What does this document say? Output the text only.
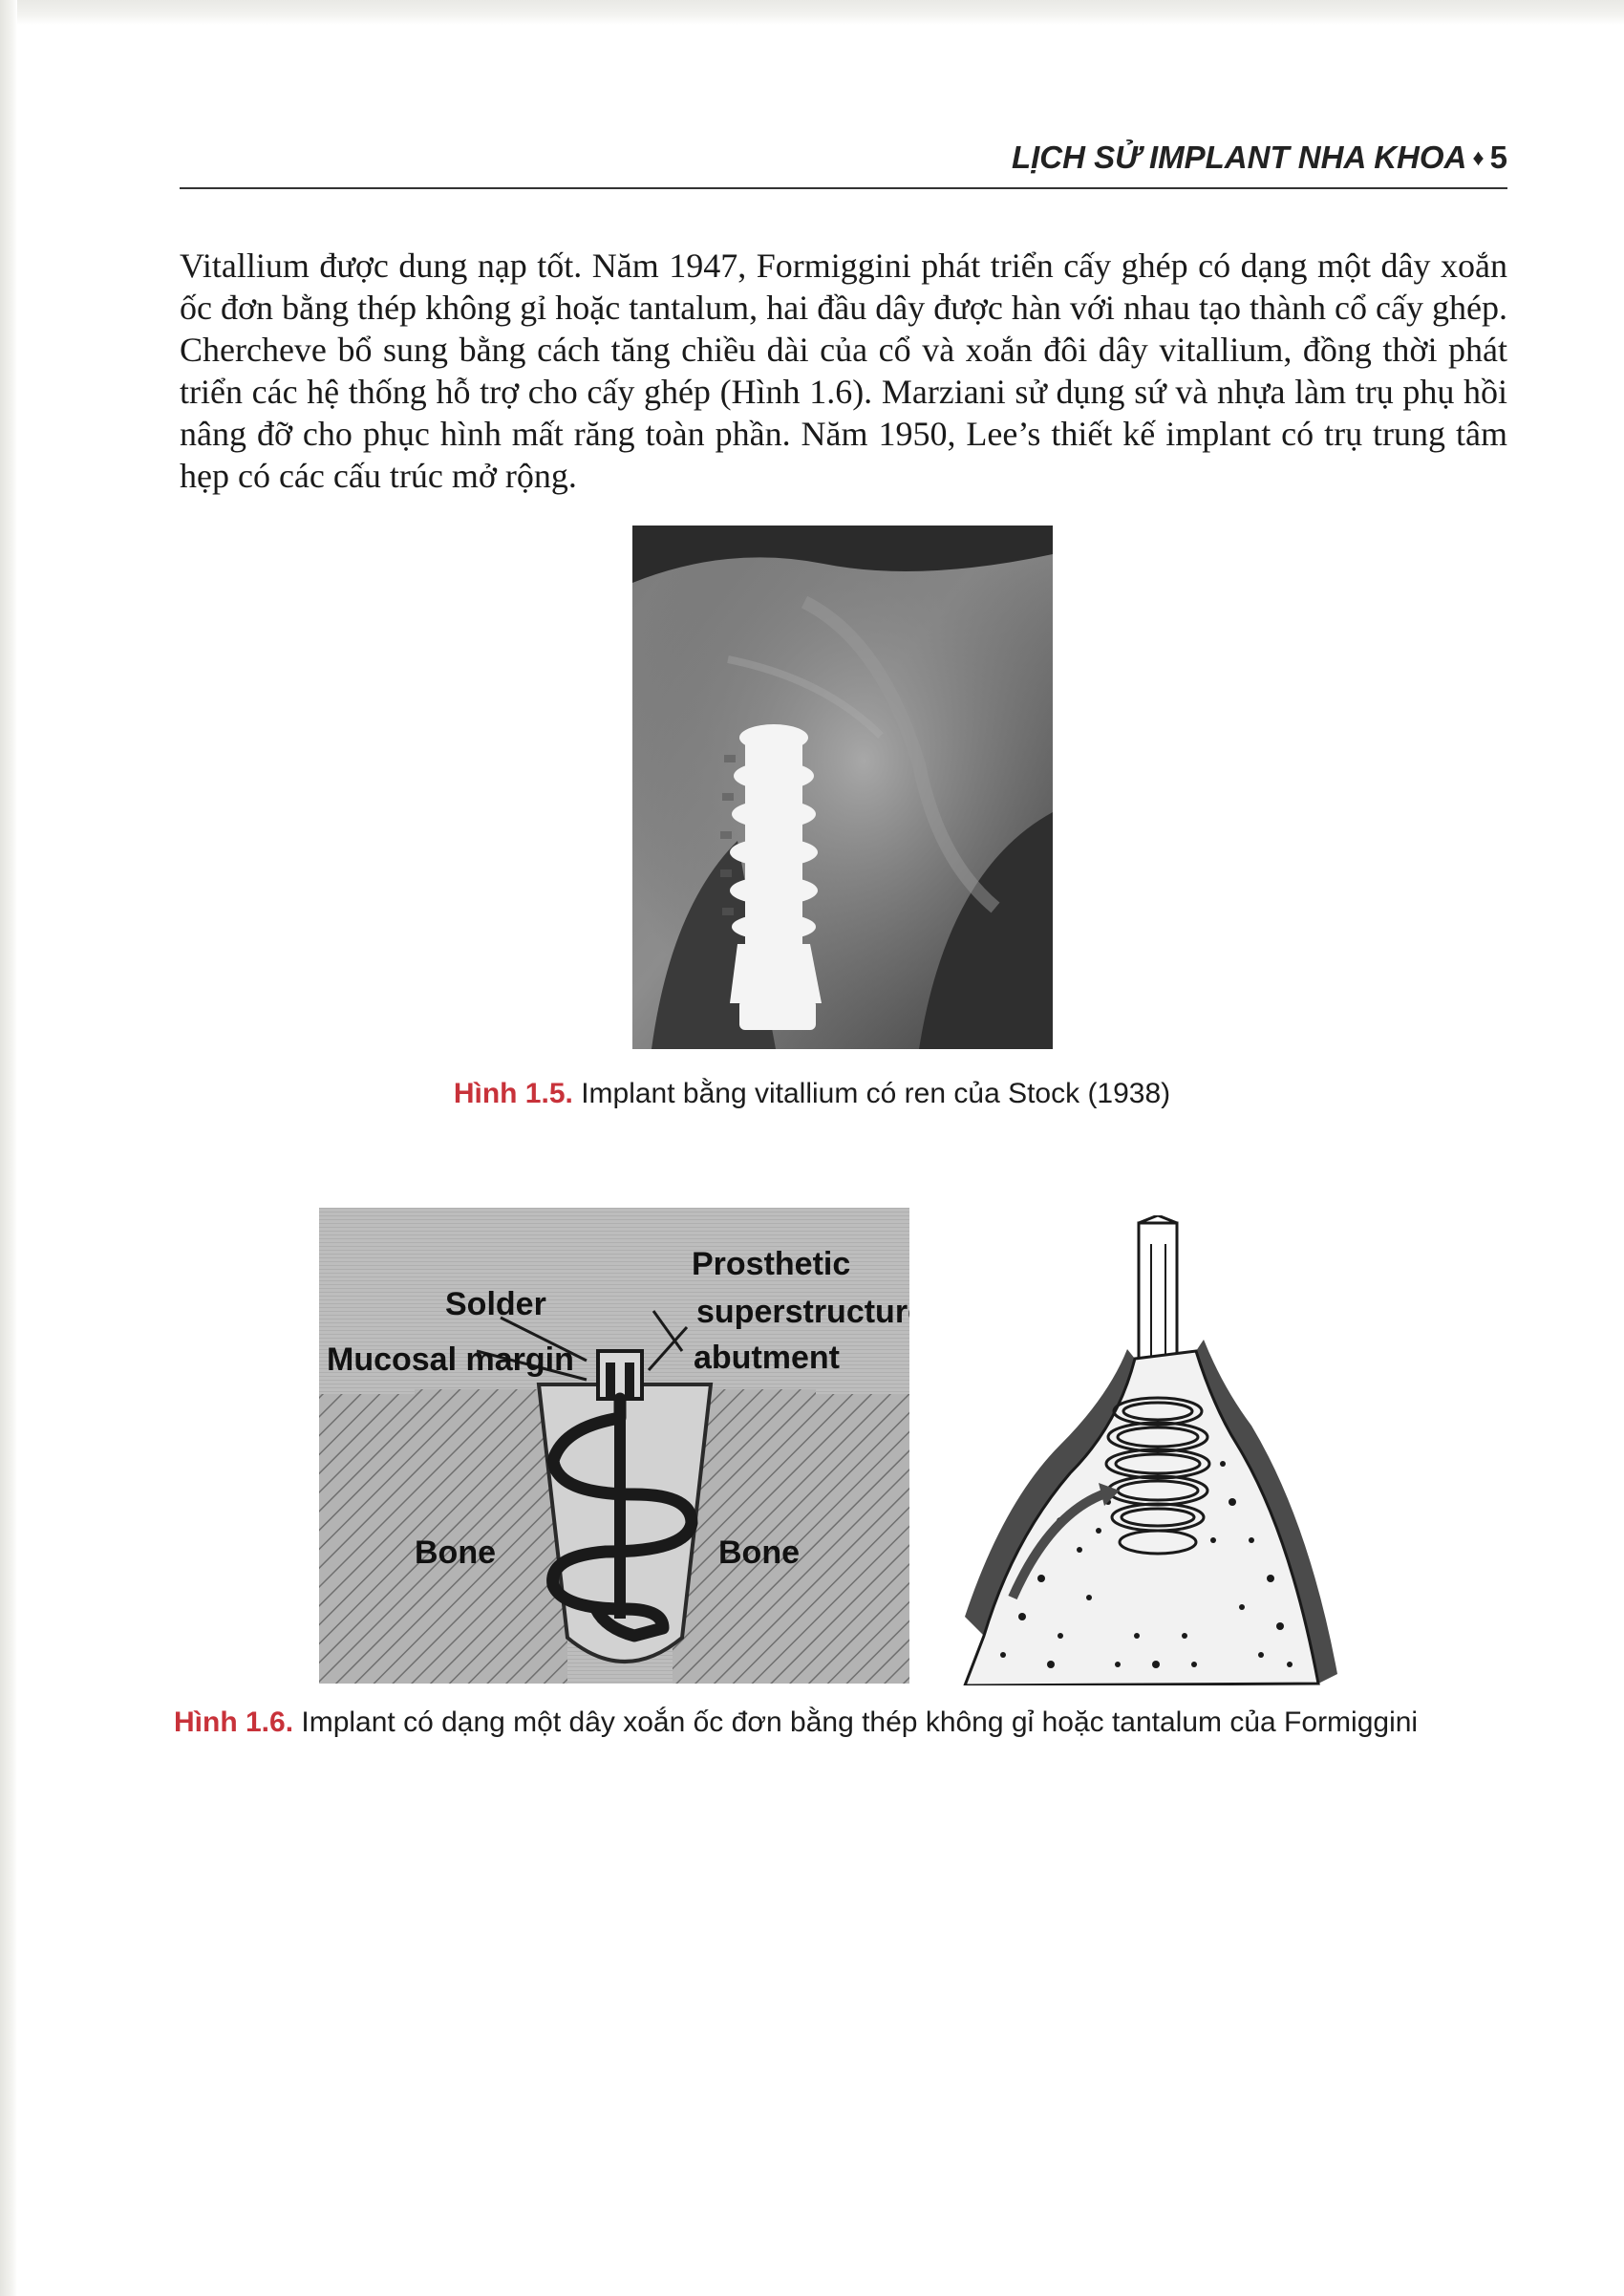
LỊCH SỬ IMPLANT NHA KHOA ♦ 5

Vitallium được dung nạp tốt. Năm 1947, Formiggini phát triển cấy ghép có dạng một dây xoắn ốc đơn bằng thép không gỉ hoặc tantalum, hai đầu dây được hàn với nhau tạo thành cổ cấy ghép. Chercheve bổ sung bằng cách tăng chiều dài của cổ và xoắn đôi dây vitallium, đồng thời phát triển các hệ thống hỗ trợ cho cấy ghép (Hình 1.6). Marziani sử dụng sứ và nhựa làm trụ phụ hồi nâng đỡ cho phục hình mất răng toàn phần. Năm 1950, Lee’s thiết kế implant có trụ trung tâm hẹp có các cấu trúc mở rộng.

Hình 1.5. Implant bằng vitallium có ren của Stock (1938)
Solder
Mucosal margin
Prosthetic
superstructure
abutment
Bone	Bone
Hình 1.6. Implant có dạng một dây xoắn ốc đơn bằng thép không gỉ hoặc tantalum của Formiggini
